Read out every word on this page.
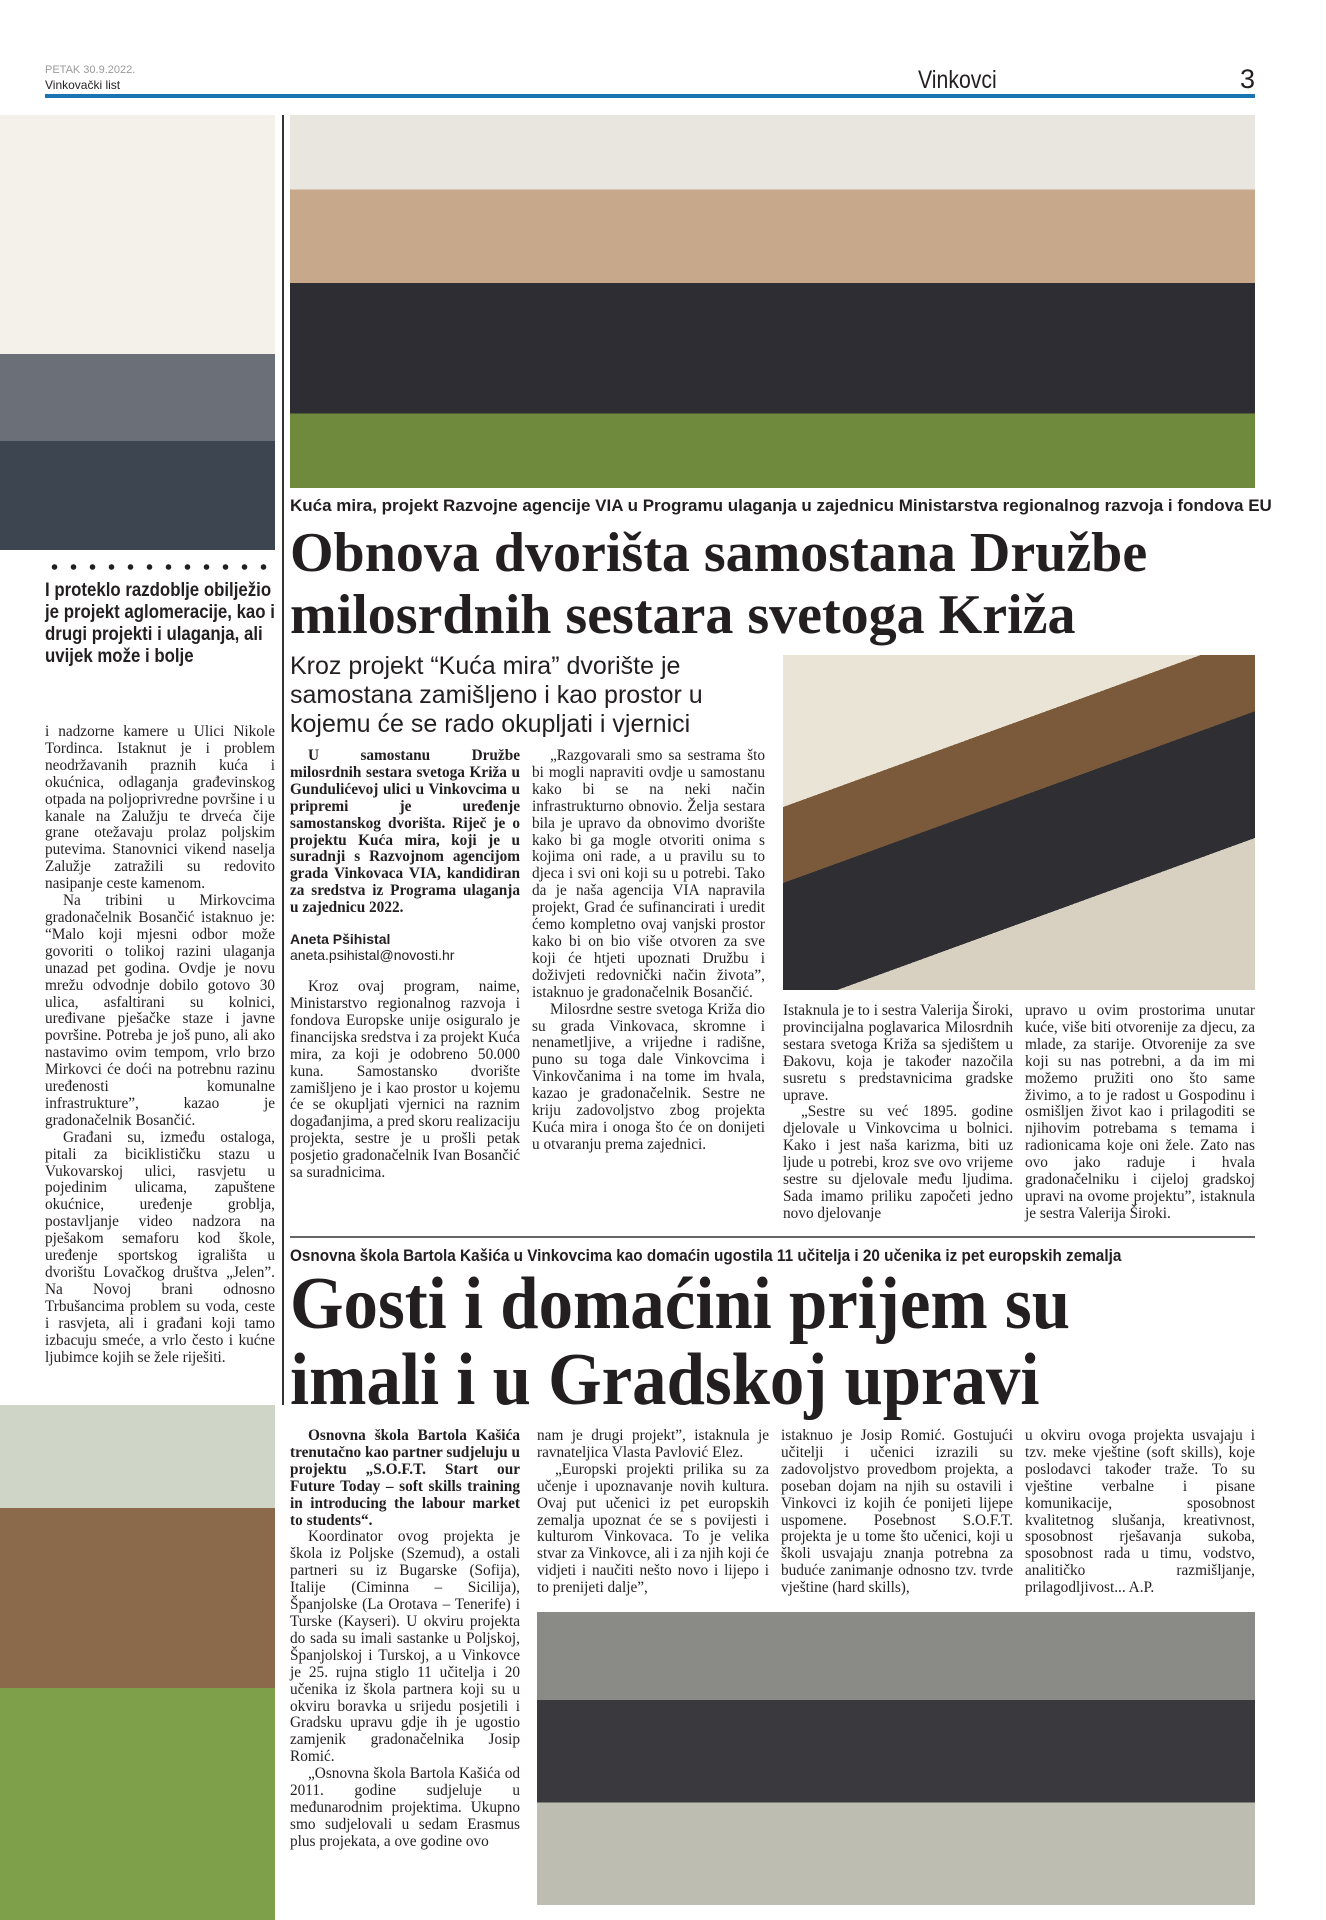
PETAK 30.9.2022.
Vinkovački list	Vinkovci	3
I proteklo razdoblje obilježio je projekt aglomeracije, kao i drugi projekti i ulaganja, ali uvijek može i bolje

i nadzorne kamere u Ulici Nikole Tordinca. Istaknut je i problem neodržavanih praznih kuća i okućnica, odlaganja građevinskog otpada na poljoprivredne površine i u kanale na Zalužju te drveća čije grane otežavaju prolaz poljskim putevima. Stanovnici vikend naselja Zalužje zatražili su redovito nasipanje ceste kamenom.

Na tribini u Mirkovcima gradonačelnik Bosančić istaknuo je: “Malo koji mjesni odbor može govoriti o tolikoj razini ulaganja unazad pet godina. Ovdje je novu mrežu odvodnje dobilo gotovo 30 ulica, asfaltirani su kolnici, uređivane pješačke staze i javne površine. Potreba je još puno, ali ako nastavimo ovim tempom, vrlo brzo Mirkovci će doći na potrebnu razinu uređenosti komunalne infrastrukture”, kazao je gradonačelnik Bosančić.

Građani su, između ostaloga, pitali za biciklističku stazu u Vukovarskoj ulici, rasvjetu u pojedinim ulicama, zapuštene okućnice, uređenje groblja, postavljanje video nadzora na pješakom semaforu kod škole, uređenje sportskog igrališta u dvorištu Lovačkog društva „Jelen”. Na Novoj brani odnosno Trbušancima problem su voda, ceste i rasvjeta, ali i građani koji tamo izbacuju smeće, a vrlo često i kućne ljubimce kojih se žele riješiti.

Kuća mira, projekt Razvojne agencije VIA u Programu ulaganja u zajednicu Ministarstva regionalnog razvoja i fondova EU
Obnova dvorišta samostana Družbe milosrdnih sestara svetoga Križa
Kroz projekt “Kuća mira” dvorište je samostana zamišljeno i kao prostor u kojemu će se rado okupljati i vjernici

U samostanu Družbe milosrdnih sestara svetoga Križa u Gundulićevoj ulici u Vinkovcima u pripremi je uređenje samostanskog dvorišta. Riječ je o projektu Kuća mira, koji je u suradnji s Razvojnom agencijom grada Vinkovaca VIA, kandidiran za sredstva iz Programa ulaganja u zajednicu 2022.

Aneta Pšihistal
aneta.psihistal@novosti.hr

Kroz ovaj program, naime, Ministarstvo regionalnog razvoja i fondova Europske unije osiguralo je financijska sredstva i za projekt Kuća mira, za koji je odobreno 50.000 kuna. Samostansko dvorište zamišljeno je i kao prostor u kojemu će se okupljati vjernici na raznim događanjima, a pred skoru realizaciju projekta, sestre je u prošli petak posjetio gradonačelnik Ivan Bosančić sa suradnicima.

„Razgovarali smo sa sestrama što bi mogli napraviti ovdje u samostanu kako bi se na neki način infrastrukturno obnovio. Želja sestara bila je upravo da obnovimo dvorište kako bi ga mogle otvoriti onima s kojima oni rade, a u pravilu su to djeca i svi oni koji su u potrebi. Tako da je naša agencija VIA napravila projekt, Grad će sufinancirati i uredit ćemo kompletno ovaj vanjski prostor kako bi on bio više otvoren za sve koji će htjeti upoznati Družbu i doživjeti redovnički način života”, istaknuo je gradonačelnik Bosančić.

Milosrdne sestre svetoga Križa dio su grada Vinkovaca, skromne i nenametljive, a vrijedne i radišne, puno su toga dale Vinkovcima i Vinkovčanima i na tome im hvala, kazao je gradonačelnik. Sestre ne kriju zadovoljstvo zbog projekta Kuća mira i onoga što će on donijeti u otvaranju prema zajednici.

Istaknula je to i sestra Valerija Široki, provincijalna poglavarica Milosrdnih sestara svetoga Križa sa sjedištem u Đakovu, koja je također nazočila susretu s predstavnicima gradske uprave.

„Sestre su već 1895. godine djelovale u Vinkovcima u bolnici. Kako i jest naša karizma, biti uz ljude u potrebi, kroz sve ovo vrijeme sestre su djelovale među ljudima. Sada imamo priliku započeti jedno novo djelovanje

upravo u ovim prostorima unutar kuće, više biti otvorenije za djecu, za mlade, za starije. Otvorenije za sve koji su nas potrebni, a da im mi možemo pružiti ono što same živimo, a to je radost u Gospodinu i osmišljen život kao i prilagoditi se njihovim potrebama s temama i radionicama koje oni žele. Zato nas ovo jako raduje i hvala gradonačelniku i cijeloj gradskoj upravi na ovome projektu”, istaknula je sestra Valerija Široki.

Osnovna škola Bartola Kašića u Vinkovcima kao domaćin ugostila 11 učitelja i 20 učenika iz pet europskih zemalja
Gosti i domaćini prijem su
imali i u Gradskoj upravi

Osnovna škola Bartola Kašića trenutačno kao partner sudjeluju u projektu „S.O.F.T. Start our Future Today – soft skills training in introducing the labour market to students“.

Koordinator ovog projekta je škola iz Poljske (Szemud), a ostali partneri su iz Bugarske (Sofija), Italije (Ciminna – Sicilija), Španjolske (La Orotava – Tenerife) i Turske (Kayseri). U okviru projekta do sada su imali sastanke u Poljskoj, Španjolskoj i Turskoj, a u Vinkovce je 25. rujna stiglo 11 učitelja i 20 učenika iz škola partnera koji su u okviru boravka u srijedu posjetili i Gradsku upravu gdje ih je ugostio zamjenik gradonačelnika Josip Romić.

„Osnovna škola Bartola Kašića od 2011. godine sudjeluje u međunarodnim projektima. Ukupno smo sudjelovali u sedam Erasmus plus projekata, a ove godine ovo

nam je drugi projekt”, istaknula je ravnateljica Vlasta Pavlović Elez.

„Europski projekti prilika su za učenje i upoznavanje novih kultura. Ovaj put učenici iz pet europskih zemalja upoznat će se s povijesti i kulturom Vinkovaca. To je velika stvar za Vinkovce, ali i za njih koji će vidjeti i naučiti nešto novo i lijepo i to prenijeti dalje”,

istaknuo je Josip Romić. Gostujući učitelji i učenici izrazili su zadovoljstvo provedbom projekta, a poseban dojam na njih su ostavili i Vinkovci iz kojih će ponijeti lijepe uspomene. Posebnost S.O.F.T. projekta je u tome što učenici, koji u školi usvajaju znanja potrebna za buduće zanimanje odnosno tzv. tvrde vještine (hard skills),

u okviru ovoga projekta usvajaju i tzv. meke vještine (soft skills), koje poslodavci također traže. To su vještine verbalne i pisane komunikacije, sposobnost kvalitetnog slušanja, kreativnost, sposobnost rješavanja sukoba, sposobnost rada u timu, vodstvo, analitičko razmišljanje, prilagodljivost... A.P.
